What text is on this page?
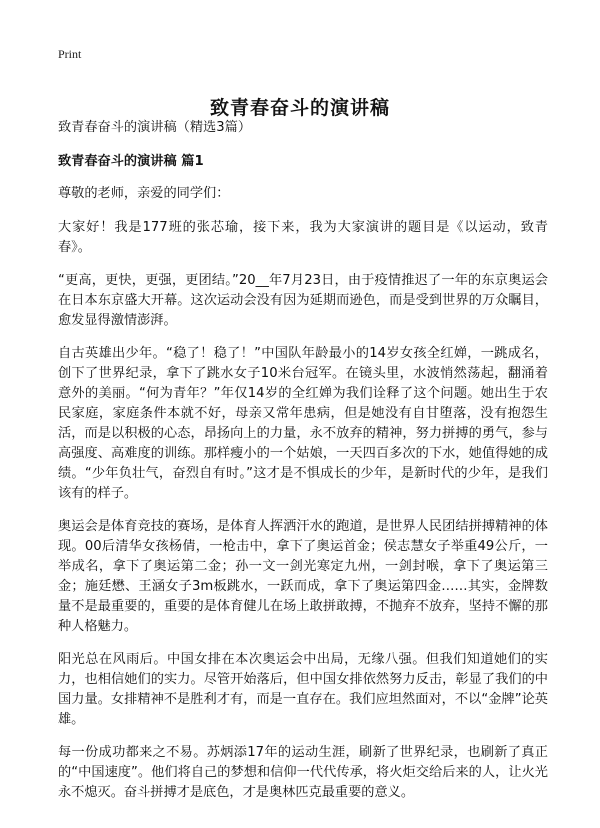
Print
致青春奋斗的演讲稿

致青春奋斗的演讲稿（精选3篇）

致青春奋斗的演讲稿 篇1

尊敬的老师，亲爱的同学们：

大家好！我是177班的张芯瑜，接下来，我为大家演讲的题目是《以运动，致青春》。

“更高，更快，更强，更团结。”20__年7月23日，由于疫情推迟了一年的东京奥运会在日本东京盛大开幕。这次运动会没有因为延期而逊色，而是受到世界的万众瞩目，愈发显得激情澎湃。

自古英雄出少年。“稳了！稳了！”中国队年龄最小的14岁女孩全红婵，一跳成名，创下了世界纪录，拿下了跳水女子10米台冠军。在镜头里，水波悄然荡起，翻涌着意外的美丽。“何为青年？”年仅14岁的全红婵为我们诠释了这个问题。她出生于农民家庭，家庭条件本就不好，母亲又常年患病，但是她没有自甘堕落，没有抱怨生活，而是以积极的心态，昂扬向上的力量，永不放弃的精神，努力拼搏的勇气，参与高强度、高难度的训练。那样瘦小的一个姑娘，一天四百多次的下水，她值得她的成绩。“少年负壮气，奋烈自有时。”这才是不惧成长的少年，是新时代的少年，是我们该有的样子。

奥运会是体育竞技的赛场，是体育人挥洒汗水的跑道，是世界人民团结拼搏精神的体现。00后清华女孩杨倩，一枪击中，拿下了奥运首金；侯志慧女子举重49公斤，一举成名，拿下了奥运第二金；孙一文一剑光寒定九州，一剑封喉，拿下了奥运第三金；施廷懋、王涵女子3m板跳水，一跃而成，拿下了奥运第四金……其实，金牌数量不是最重要的，重要的是体育健儿在场上敢拼敢搏，不抛弃不放弃，坚持不懈的那种人格魅力。

阳光总在风雨后。中国女排在本次奥运会中出局，无缘八强。但我们知道她们的实力，也相信她们的实力。尽管开始落后，但中国女排依然努力反击，彰显了我们的中国力量。女排精神不是胜利才有，而是一直存在。我们应坦然面对，不以“金牌”论英雄。

每一份成功都来之不易。苏炳添17年的运动生涯，刷新了世界纪录，也刷新了真正的“中国速度”。他们将自己的梦想和信仰一代代传承，将火炬交给后来的人，让火光永不熄灭。奋斗拼搏才是底色，才是奥林匹克最重要的意义。
